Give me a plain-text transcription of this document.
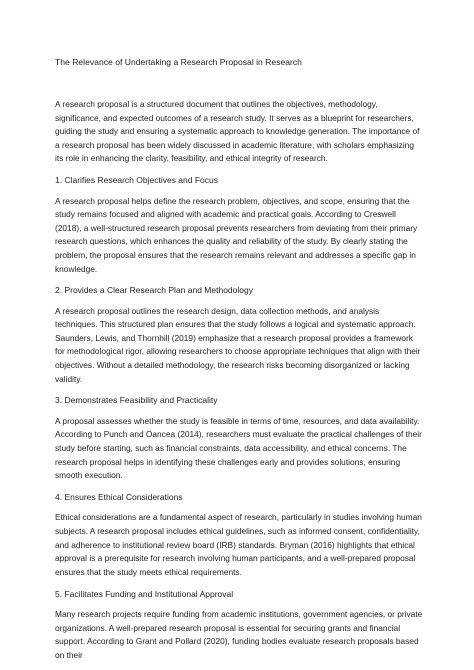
The Relevance of Undertaking a Research Proposal in Research

A research proposal is a structured document that outlines the objectives, methodology, significance, and expected outcomes of a research study. It serves as a blueprint for researchers, guiding the study and ensuring a systematic approach to knowledge generation. The importance of a research proposal has been widely discussed in academic literature, with scholars emphasizing its role in enhancing the clarity, feasibility, and ethical integrity of research.

1. Clarifies Research Objectives and Focus

A research proposal helps define the research problem, objectives, and scope, ensuring that the study remains focused and aligned with academic and practical goals. According to Creswell (2018), a well-structured research proposal prevents researchers from deviating from their primary research questions, which enhances the quality and reliability of the study. By clearly stating the problem, the proposal ensures that the research remains relevant and addresses a specific gap in knowledge.

2. Provides a Clear Research Plan and Methodology

A research proposal outlines the research design, data collection methods, and analysis techniques. This structured plan ensures that the study follows a logical and systematic approach. Saunders, Lewis, and Thornhill (2019) emphasize that a research proposal provides a framework for methodological rigor, allowing researchers to choose appropriate techniques that align with their objectives. Without a detailed methodology, the research risks becoming disorganized or lacking validity.

3. Demonstrates Feasibility and Practicality

A proposal assesses whether the study is feasible in terms of time, resources, and data availability. According to Punch and Oancea (2014), researchers must evaluate the practical challenges of their study before starting, such as financial constraints, data accessibility, and ethical concerns. The research proposal helps in identifying these challenges early and provides solutions, ensuring smooth execution.

4. Ensures Ethical Considerations

Ethical considerations are a fundamental aspect of research, particularly in studies involving human subjects. A research proposal includes ethical guidelines, such as informed consent, confidentiality, and adherence to institutional review board (IRB) standards. Bryman (2016) highlights that ethical approval is a prerequisite for research involving human participants, and a well-prepared proposal ensures that the study meets ethical requirements.

5. Facilitates Funding and Institutional Approval

Many research projects require funding from academic institutions, government agencies, or private organizations. A well-prepared research proposal is essential for securing grants and financial support. According to Grant and Pollard (2020), funding bodies evaluate research proposals based on their
